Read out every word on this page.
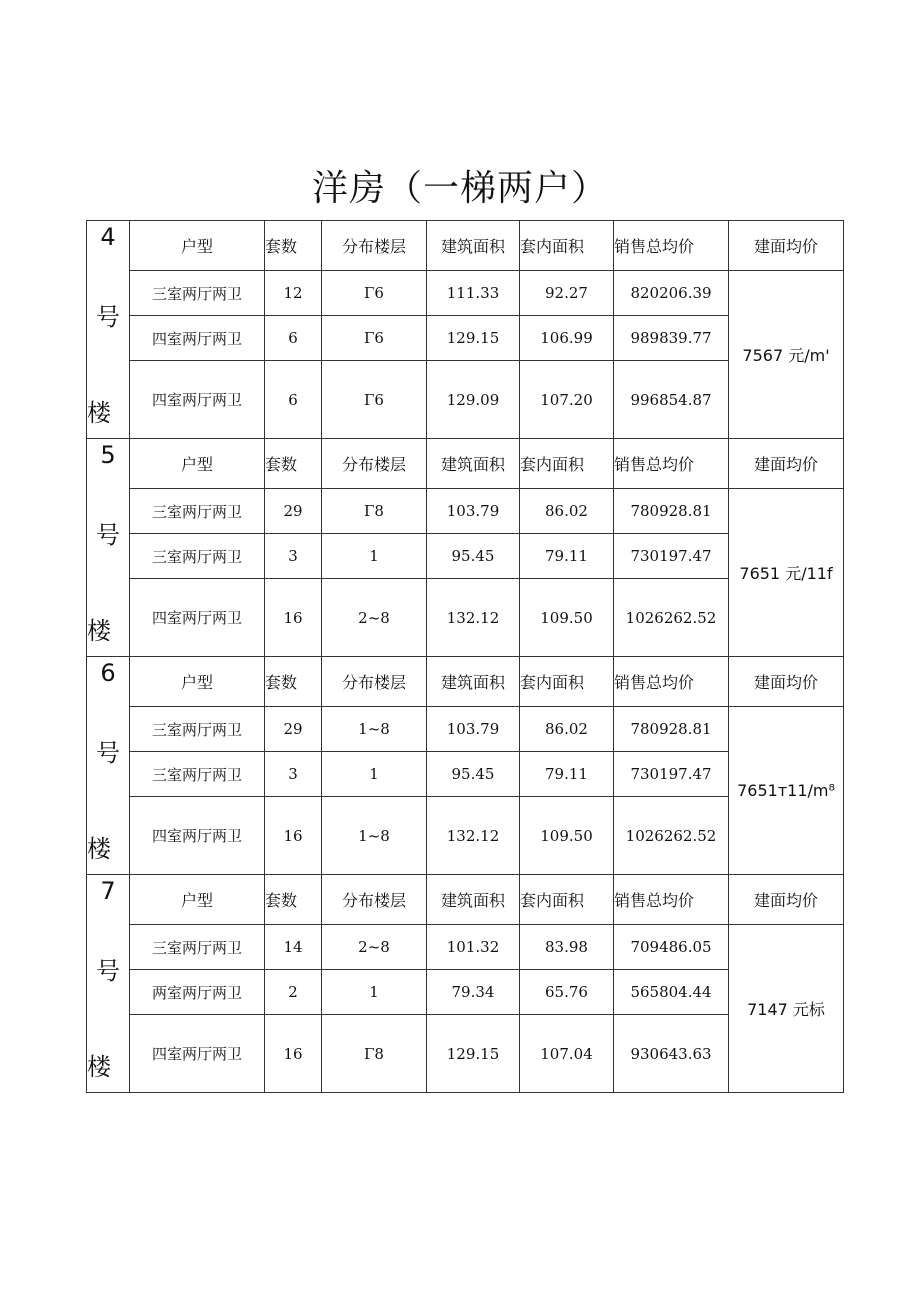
洋房（一梯两户）
4
号
楼	户型	套数	分布楼层	建筑面积	套内面积	销售总均价	建面均价
	三室两厅两卫	12	Γ6	111.33	92.27	820206.39	7567 元/m'
	四室两厅两卫	6	Γ6	129.15	106.99	989839.77	
	四室两厅两卫	6	Γ6	129.09	107.20	996854.87	

5
号
楼	户型	套数	分布楼层	建筑面积	套内面积	销售总均价	建面均价
	三室两厅两卫	29	Γ8	103.79	86.02	780928.81	7651 元/11f
	三室两厅两卫	3	1	95.45	79.11	730197.47	
	四室两厅两卫	16	2~8	132.12	109.50	1026262.52	

6
号
楼	户型	套数	分布楼层	建筑面积	套内面积	销售总均价	建面均价
	三室两厅两卫	29	1~8	103.79	86.02	780928.81	7651т11/m⁸
	三室两厅两卫	3	1	95.45	79.11	730197.47	
	四室两厅两卫	16	1~8	132.12	109.50	1026262.52	

7
号
楼	户型	套数	分布楼层	建筑面积	套内面积	销售总均价	建面均价
	三室两厅两卫	14	2~8	101.32	83.98	709486.05	7147 元标
	两室两厅两卫	2	1	79.34	65.76	565804.44	
	四室两厅两卫	16	Γ8	129.15	107.04	930643.63	
